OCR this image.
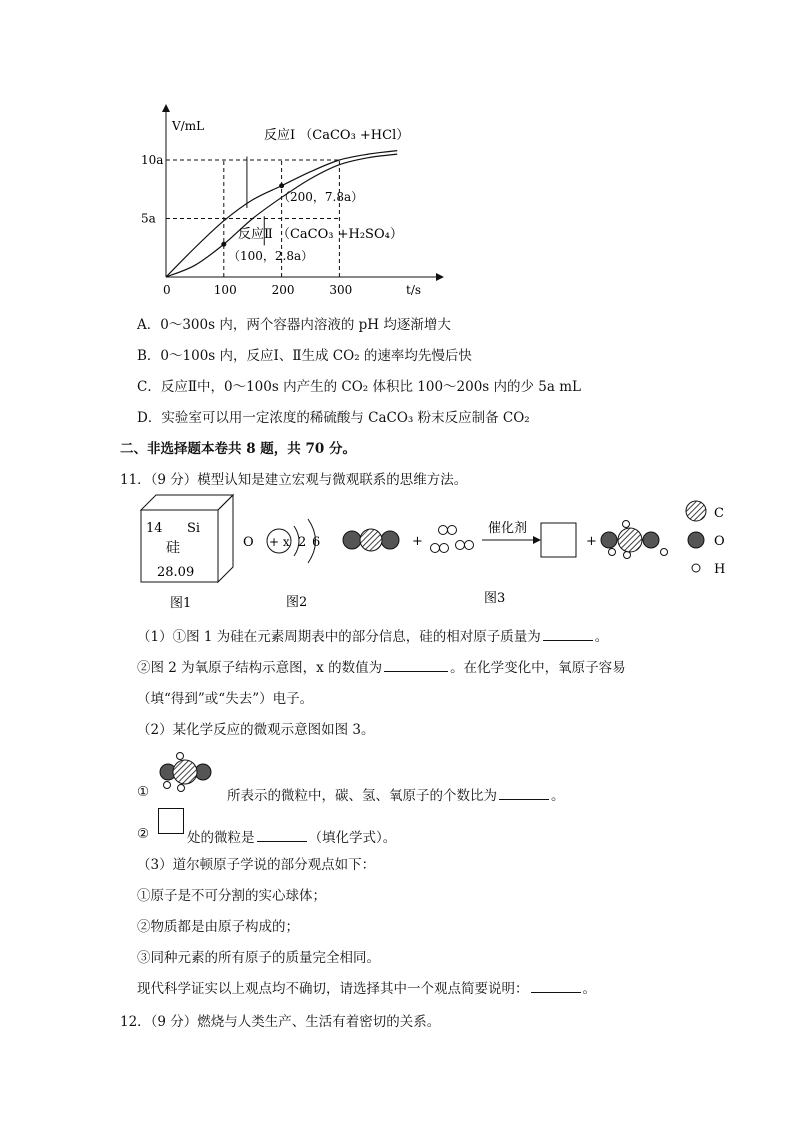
0	100	200	300
5a
10a
t/s
V/mL
反应Ⅰ （CaCO₃ +HCl）
反应Ⅱ （CaCO₃ +H₂SO₄）
（200，7.8a）
（100，2.8a）
A．0～300s 内，两个容器内溶液的 pH 均逐渐增大
B．0～100s 内，反应Ⅰ、Ⅱ生成 CO₂ 的速率均先慢后快
C．反应Ⅱ中，0～100s 内产生的 CO₂ 体积比 100～200s 内的少 5a mL
D．实验室可以用一定浓度的稀硫酸与 CaCO₃ 粉末反应制备 CO₂
二、非选择题本卷共 8 题，共 70 分。
11．（9 分）模型认知是建立宏观与微观联系的思维方法。
14 Si
硅
28.09
图1
O + x 2 6
图2
+
催化剂
+
图3
C
O
H
（1）①图 1 为硅在元素周期表中的部分信息，硅的相对原子质量为	。
②图 2 为氧原子结构示意图，x 的数值为	。在化学变化中，氧原子容易
（填“得到”或“失去”）电子。
（2）某化学反应的微观示意图如图 3。
①	所表示的微粒中，碳、氢、氧原子的个数比为	。
②	处的微粒是	（填化学式）。
（3）道尔顿原子学说的部分观点如下：
①原子是不可分割的实心球体；
②物质都是由原子构成的；
③同种元素的所有原子的质量完全相同。
现代科学证实以上观点均不确切，请选择其中一个观点简要说明：	。
12．（9 分）燃烧与人类生产、生活有着密切的关系。
